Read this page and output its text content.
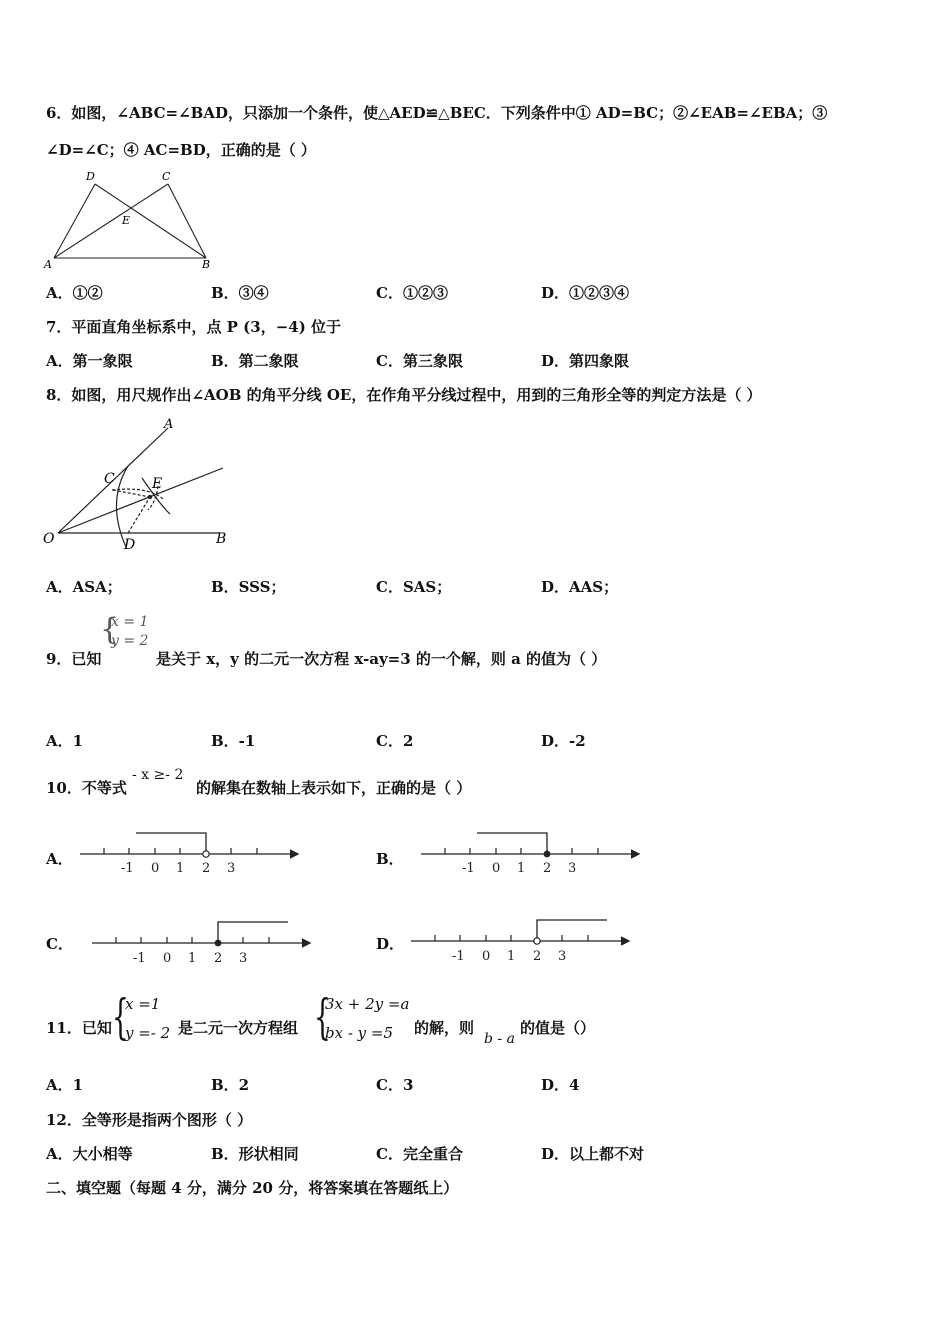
6．如图，∠ABC=∠BAD，只添加一个条件，使△AED≌△BEC．下列条件中① AD=BC；②∠EAB=∠EBA；③
∠D=∠C；④ AC=BD，正确的是（ ）
D	C
E
A	B
A．①②	B．③④	C．①②③	D．①②③④
7．平面直角坐标系中，点 P (3，−4) 位于
A．第一象限	B．第二象限	C．第三象限	D．第四象限
8．如图，用尺规作出∠AOB 的角平分线 OE，在作角平分线过程中，用到的三角形全等的判定方法是（ ）
A
C	E
O	D	B
A．ASA；	B．SSS；	C．SAS；	D．AAS；
{
x = 1
y = 2
9．已知	是关于 x，y 的二元一次方程 x-ay=3 的一个解，则 a 的值为（ ）
A．1	B．-1	C．2	D．-2
10．不等式
- x ≥- 2
的解集在数轴上表示如下，正确的是（ ）
A．	B．
C．	D．
-1 0 1 2 3	-1 0 1 2 3
-1 0 1 2 3	-1 0 1 2 3
11．已知 {
x =1
y =- 2 是二元一次方程组 {
3x + 2y =a
bx - y =5 的解，则
b - a
的值是（）
A．1	B．2	C．3	D．4
12．全等形是指两个图形（ ）
A．大小相等	B．形状相同	C．完全重合	D．以上都不对
二、填空题（每题 4 分，满分 20 分，将答案填在答题纸上）
